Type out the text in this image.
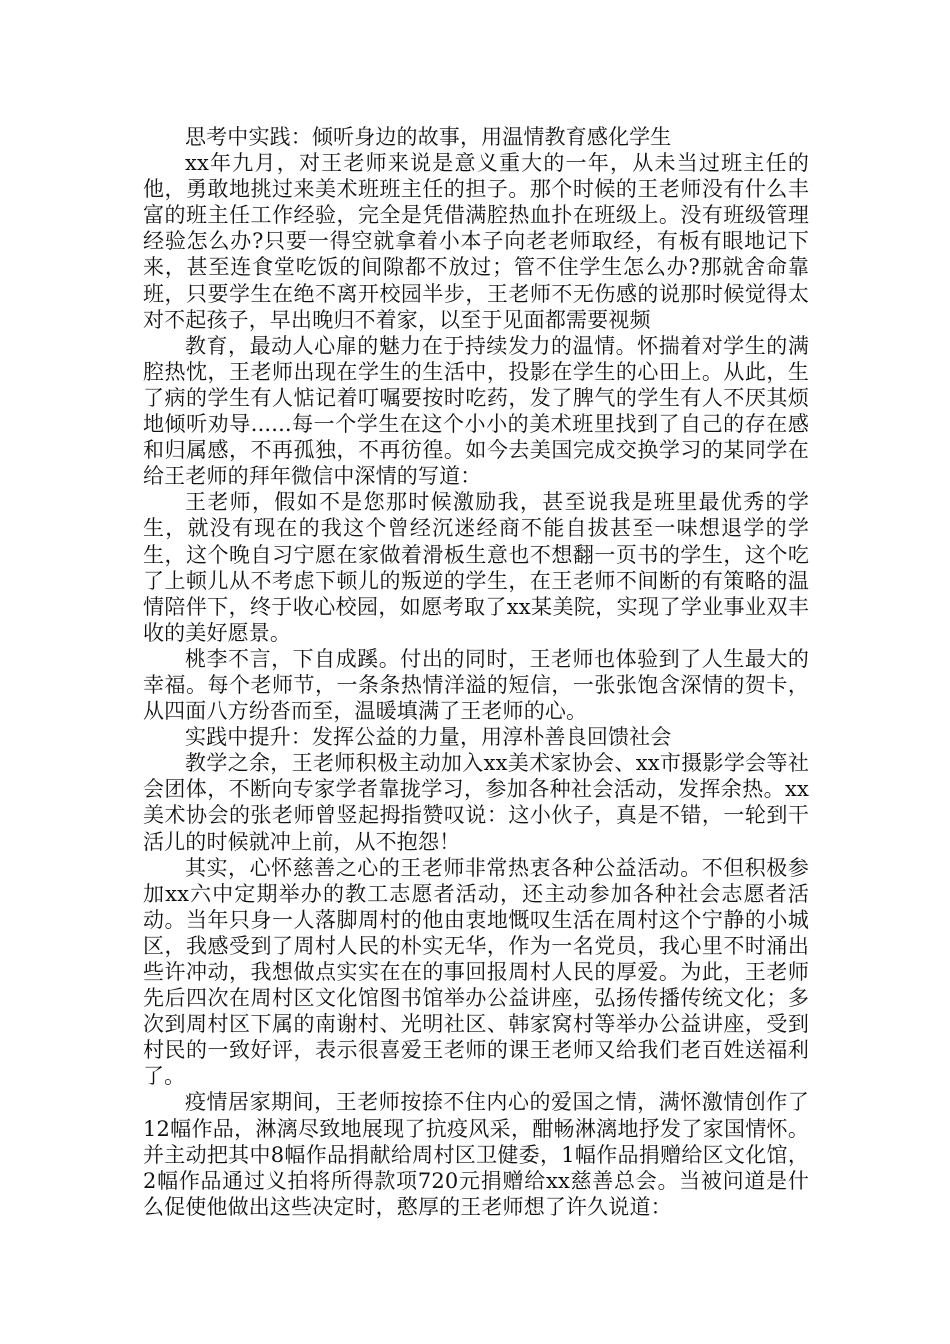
思考中实践：倾听身边的故事，用温情教育感化学生

xx年九月，对王老师来说是意义重大的一年，从未当过班主任的他，勇敢地挑过来美术班班主任的担子。那个时候的王老师没有什么丰富的班主任工作经验，完全是凭借满腔热血扑在班级上。没有班级管理经验怎么办?只要一得空就拿着小本子向老老师取经，有板有眼地记下来，甚至连食堂吃饭的间隙都不放过；管不住学生怎么办?那就舍命靠班，只要学生在绝不离开校园半步，王老师不无伤感的说那时候觉得太对不起孩子，早出晚归不着家，以至于见面都需要视频

教育，最动人心扉的魅力在于持续发力的温情。怀揣着对学生的满腔热忱，王老师出现在学生的生活中，投影在学生的心田上。从此，生了病的学生有人惦记着叮嘱要按时吃药，发了脾气的学生有人不厌其烦地倾听劝导......每一个学生在这个小小的美术班里找到了自己的存在感和归属感，不再孤独，不再彷徨。如今去美国完成交换学习的某同学在给王老师的拜年微信中深情的写道：

王老师，假如不是您那时候激励我，甚至说我是班里最优秀的学生，就没有现在的我这个曾经沉迷经商不能自拔甚至一味想退学的学生，这个晚自习宁愿在家做着滑板生意也不想翻一页书的学生，这个吃了上顿儿从不考虑下顿儿的叛逆的学生，在王老师不间断的有策略的温情陪伴下，终于收心校园，如愿考取了xx某美院，实现了学业事业双丰收的美好愿景。

桃李不言，下自成蹊。付出的同时，王老师也体验到了人生最大的幸福。每个老师节，一条条热情洋溢的短信，一张张饱含深情的贺卡，从四面八方纷沓而至，温暖填满了王老师的心。

实践中提升：发挥公益的力量，用淳朴善良回馈社会

教学之余，王老师积极主动加入xx美术家协会、xx市摄影学会等社会团体，不断向专家学者靠拢学习，参加各种社会活动，发挥余热。xx美术协会的张老师曾竖起拇指赞叹说：这小伙子，真是不错，一轮到干活儿的时候就冲上前，从不抱怨！

其实，心怀慈善之心的王老师非常热衷各种公益活动。不但积极参加xx六中定期举办的教工志愿者活动，还主动参加各种社会志愿者活动。当年只身一人落脚周村的他由衷地慨叹生活在周村这个宁静的小城区，我感受到了周村人民的朴实无华，作为一名党员，我心里不时涌出些许冲动，我想做点实实在在的事回报周村人民的厚爱。为此，王老师先后四次在周村区文化馆图书馆举办公益讲座，弘扬传播传统文化；多次到周村区下属的南谢村、光明社区、韩家窝村等举办公益讲座，受到村民的一致好评，表示很喜爱王老师的课王老师又给我们老百姓送福利了。

疫情居家期间，王老师按捺不住内心的爱国之情，满怀激情创作了12幅作品，淋漓尽致地展现了抗疫风采，酣畅淋漓地抒发了家国情怀。并主动把其中8幅作品捐献给周村区卫健委，1幅作品捐赠给区文化馆，2幅作品通过义拍将所得款项720元捐赠给xx慈善总会。当被问道是什么促使他做出这些决定时，憨厚的王老师想了许久说道：
